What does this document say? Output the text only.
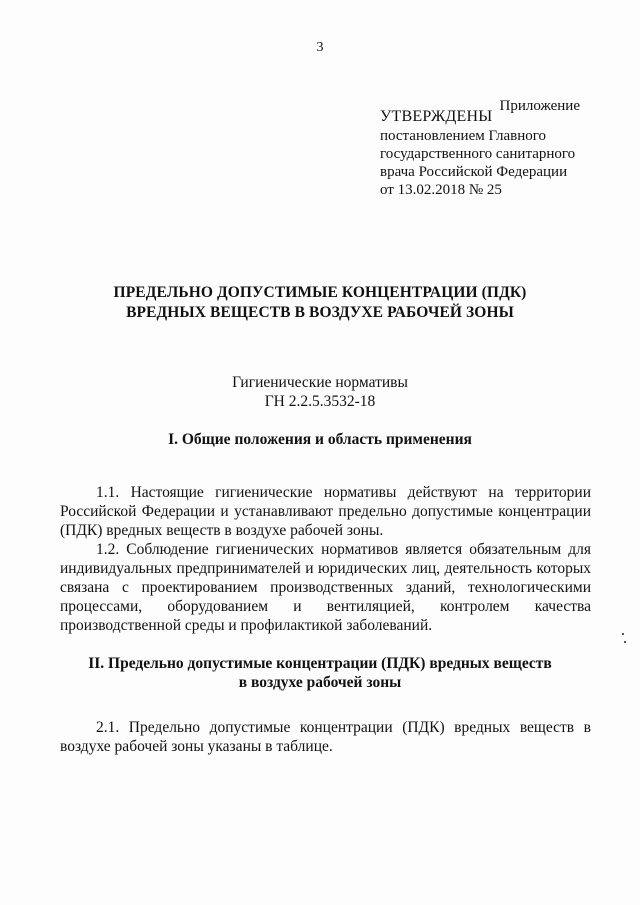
3
Приложение
УТВЕРЖДЕНЫ
постановлением Главного
государственного санитарного
врача Российской Федерации
от 13.02.2018 № 25
ПРЕДЕЛЬНО ДОПУСТИМЫЕ КОНЦЕНТРАЦИИ (ПДК)
ВРЕДНЫХ ВЕЩЕСТВ В ВОЗДУХЕ РАБОЧЕЙ ЗОНЫ
Гигиенические нормативы
ГН 2.2.5.3532-18
I. Общие положения и область применения
1.1. Настоящие гигиенические нормативы действуют на территории Российской Федерации и устанавливают предельно допустимые концентрации (ПДК) вредных веществ в воздухе рабочей зоны.
1.2. Соблюдение гигиенических нормативов является обязательным для индивидуальных предпринимателей и юридических лиц, деятельность которых связана с проектированием производственных зданий, технологическими процессами, оборудованием и вентиляцией, контролем качества производственной среды и профилактикой заболеваний.
II. Предельно допустимые концентрации (ПДК) вредных веществ
в воздухе рабочей зоны
2.1. Предельно допустимые концентрации (ПДК) вредных веществ в воздухе рабочей зоны указаны в таблице.
